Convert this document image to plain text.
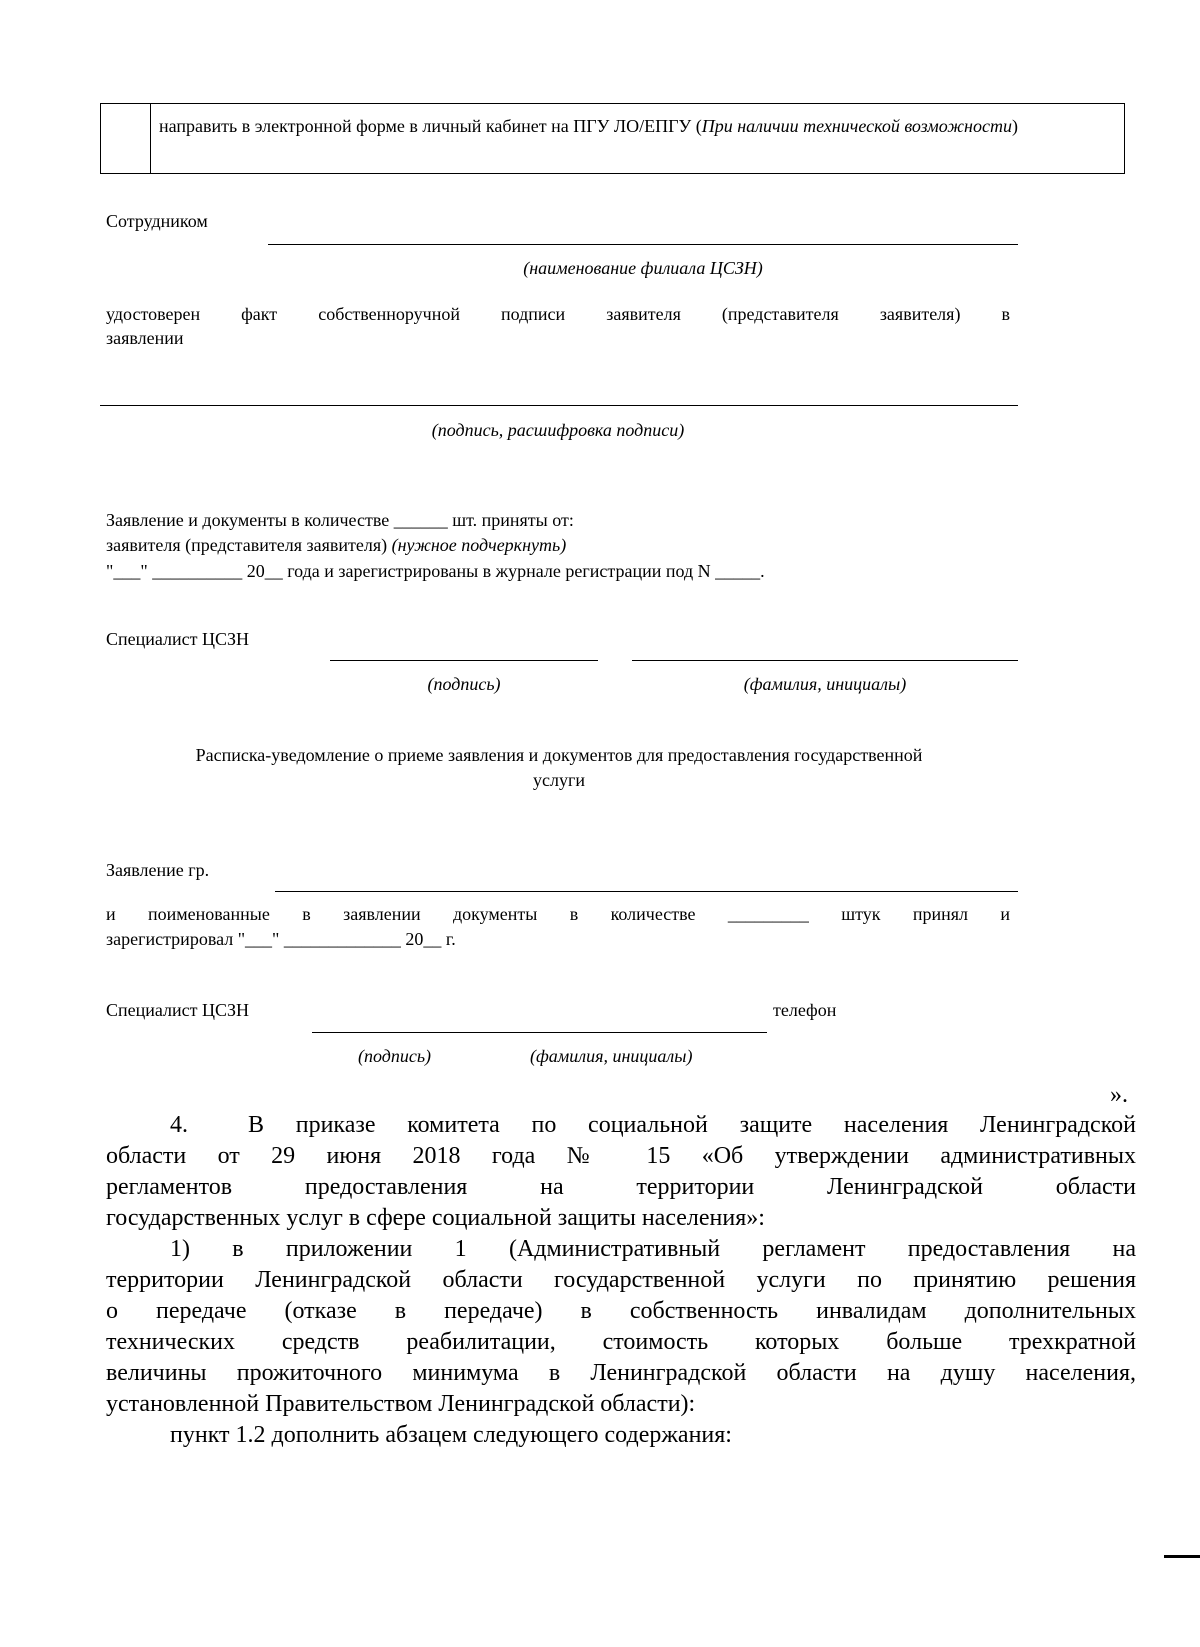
направить в электронной форме в личный кабинет на ПГУ ЛО/ЕПГУ (При наличии технической возможности)
Сотрудником
(наименование филиала ЦСЗН)
удостоверен факт собственноручной подписи заявителя (представителя заявителя) в
заявлении
(подпись, расшифровка подписи)
Заявление и документы в количестве ______ шт. приняты от:
заявителя (представителя заявителя) (нужное подчеркнуть)
"___" __________ 20__ года и зарегистрированы в журнале регистрации под N _____.
Специалист ЦСЗН
(подпись)	(фамилия, инициалы)
Расписка-уведомление о приеме заявления и документов для предоставления государственной
услуги
Заявление гр.
и поименованные в заявлении документы в количестве _________ штук принял и
зарегистрировал "___" _____________ 20__ г.
Специалист ЦСЗН	телефон
(подпись)	(фамилия, инициалы)
».
4.	В приказе комитета по социальной защите населения Ленинградской
области от 29 июня 2018 года № 15 «Об утверждении административных
регламентов предоставления на территории Ленинградской области
государственных услуг в сфере социальной защиты населения»:
1) в приложении 1 (Административный регламент предоставления на
территории Ленинградской области государственной услуги по принятию решения
о передаче (отказе в передаче) в собственность инвалидам дополнительных
технических средств реабилитации, стоимость которых больше трехкратной
величины прожиточного минимума в Ленинградской области на душу населения,
установленной Правительством Ленинградской области):
пункт 1.2 дополнить абзацем следующего содержания:
